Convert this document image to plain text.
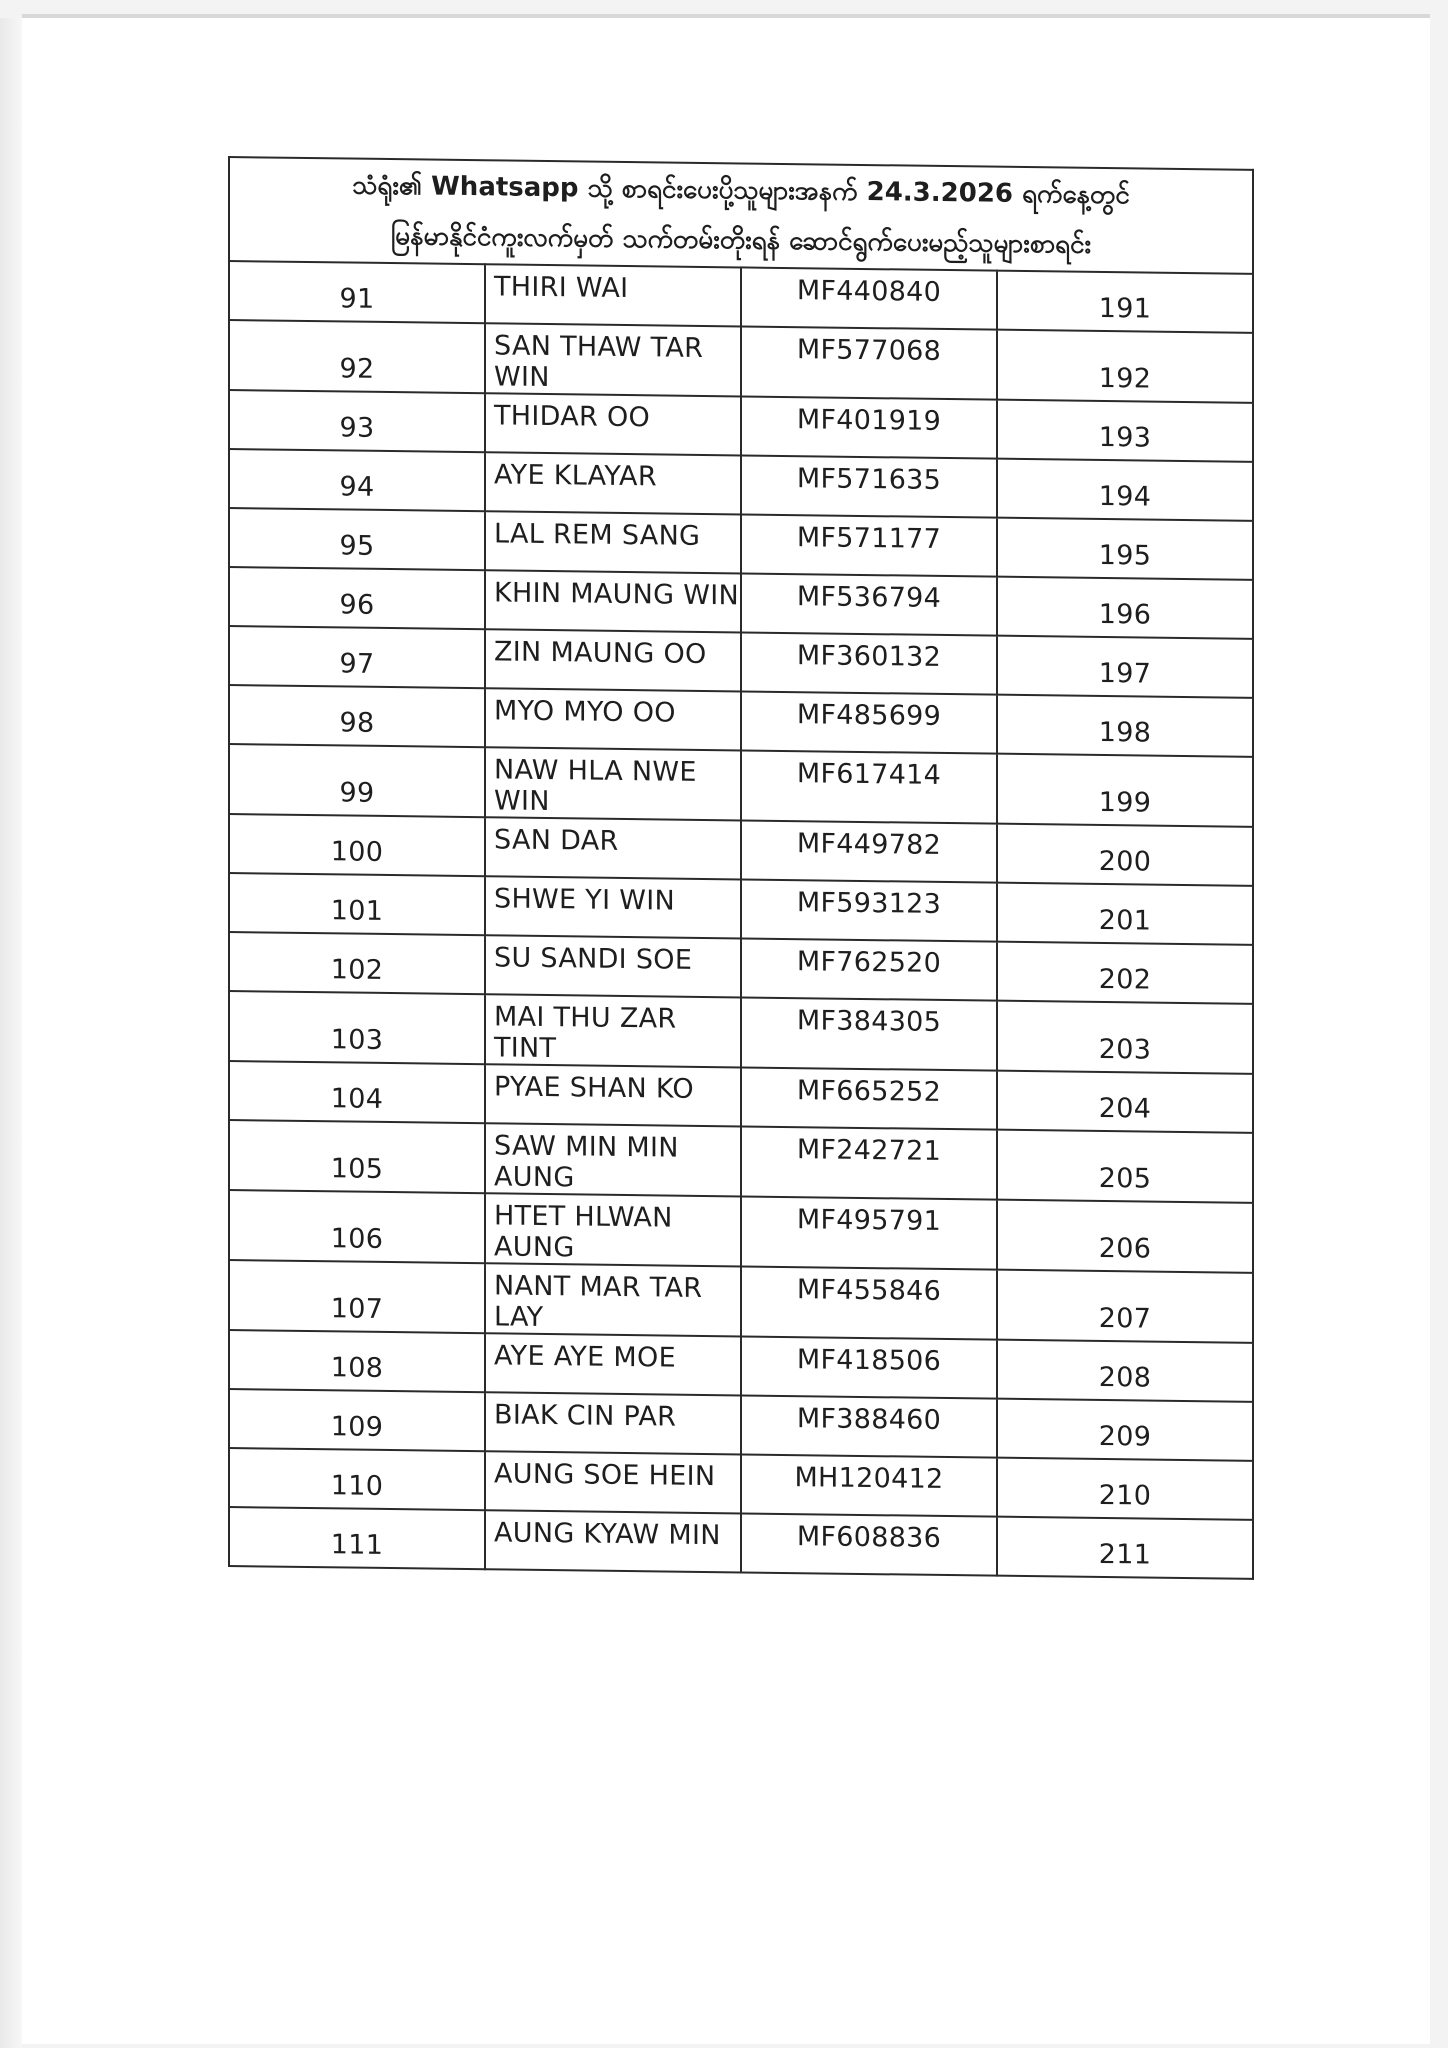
သံရုံး၏ Whatsapp သို့ စာရင်းပေးပို့သူများအနက် 24.3.2026 ရက်နေ့တွင်
မြန်မာနိုင်ငံကူးလက်မှတ် သက်တမ်းတိုးရန် ဆောင်ရွက်ပေးမည့်သူများစာရင်း			

91	THIRI WAI	MF440840	191
92	SAN THAW TAR WIN	MF577068	192
93	THIDAR OO	MF401919	193
94	AYE KLAYAR	MF571635	194
95	LAL REM SANG	MF571177	195
96	KHIN MAUNG WIN	MF536794	196
97	ZIN MAUNG OO	MF360132	197
98	MYO MYO OO	MF485699	198
99	NAW HLA NWE WIN	MF617414	199
100	SAN DAR	MF449782	200
101	SHWE YI WIN	MF593123	201
102	SU SANDI SOE	MF762520	202
103	MAI THU ZAR TINT	MF384305	203
104	PYAE SHAN KO	MF665252	204
105	SAW MIN MIN AUNG	MF242721	205
106	HTET HLWAN AUNG	MF495791	206
107	NANT MAR TAR LAY	MF455846	207
108	AYE AYE MOE	MF418506	208
109	BIAK CIN PAR	MF388460	209
110	AUNG SOE HEIN	MH120412	210
111	AUNG KYAW MIN	MF608836	211
